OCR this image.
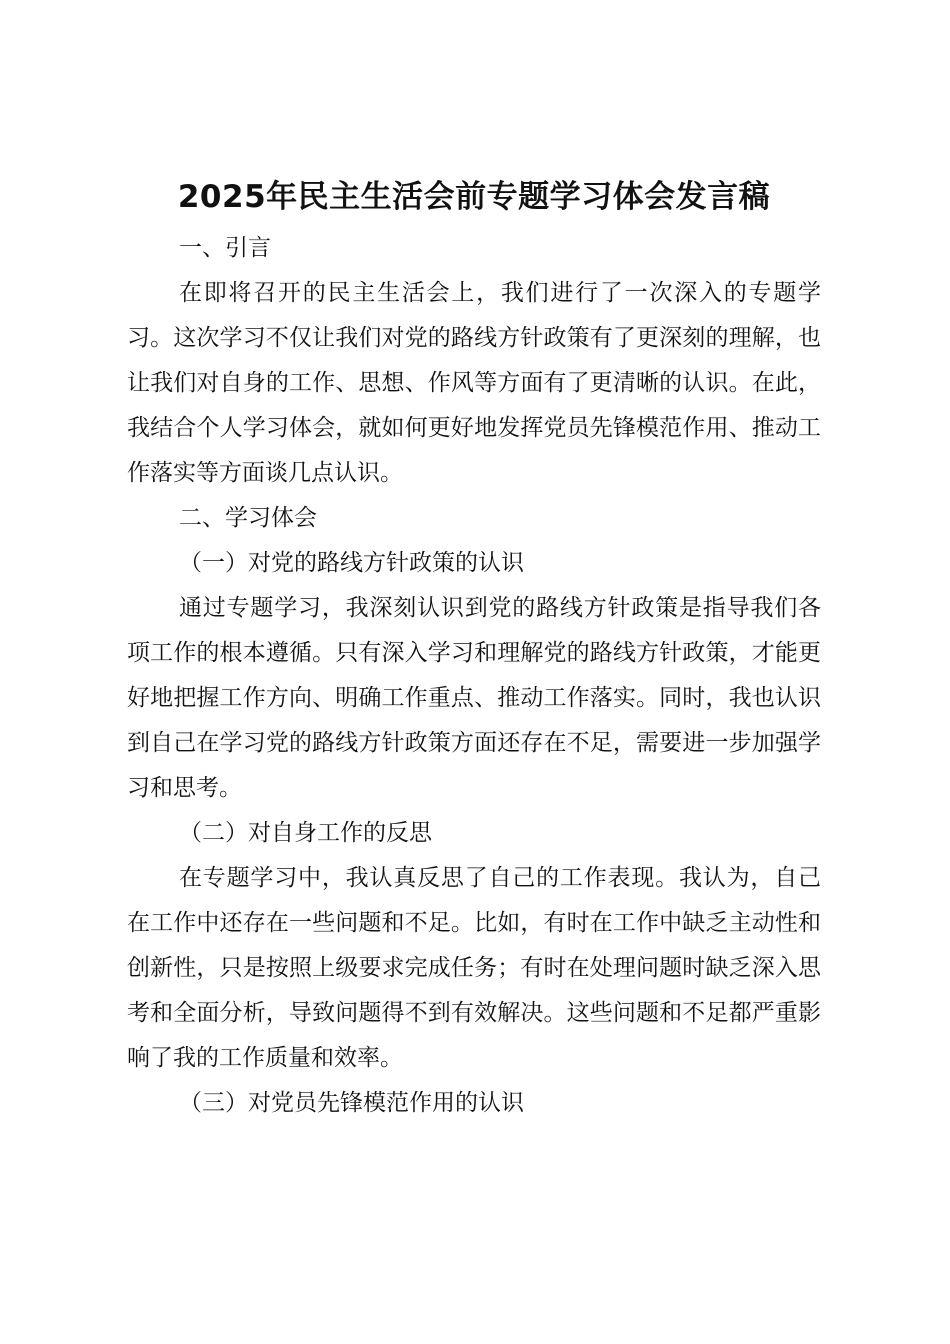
2025年民主生活会前专题学习体会发言稿

一、引言

在即将召开的民主生活会上，我们进行了一次深入的专题学习。这次学习不仅让我们对党的路线方针政策有了更深刻的理解，也让我们对自身的工作、思想、作风等方面有了更清晰的认识。在此，我结合个人学习体会，就如何更好地发挥党员先锋模范作用、推动工作落实等方面谈几点认识。

二、学习体会

（一）对党的路线方针政策的认识

通过专题学习，我深刻认识到党的路线方针政策是指导我们各项工作的根本遵循。只有深入学习和理解党的路线方针政策，才能更好地把握工作方向、明确工作重点、推动工作落实。同时，我也认识到自己在学习党的路线方针政策方面还存在不足，需要进一步加强学习和思考。

（二）对自身工作的反思

在专题学习中，我认真反思了自己的工作表现。我认为，自己在工作中还存在一些问题和不足。比如，有时在工作中缺乏主动性和创新性，只是按照上级要求完成任务；有时在处理问题时缺乏深入思考和全面分析，导致问题得不到有效解决。这些问题和不足都严重影响了我的工作质量和效率。

（三）对党员先锋模范作用的认识
